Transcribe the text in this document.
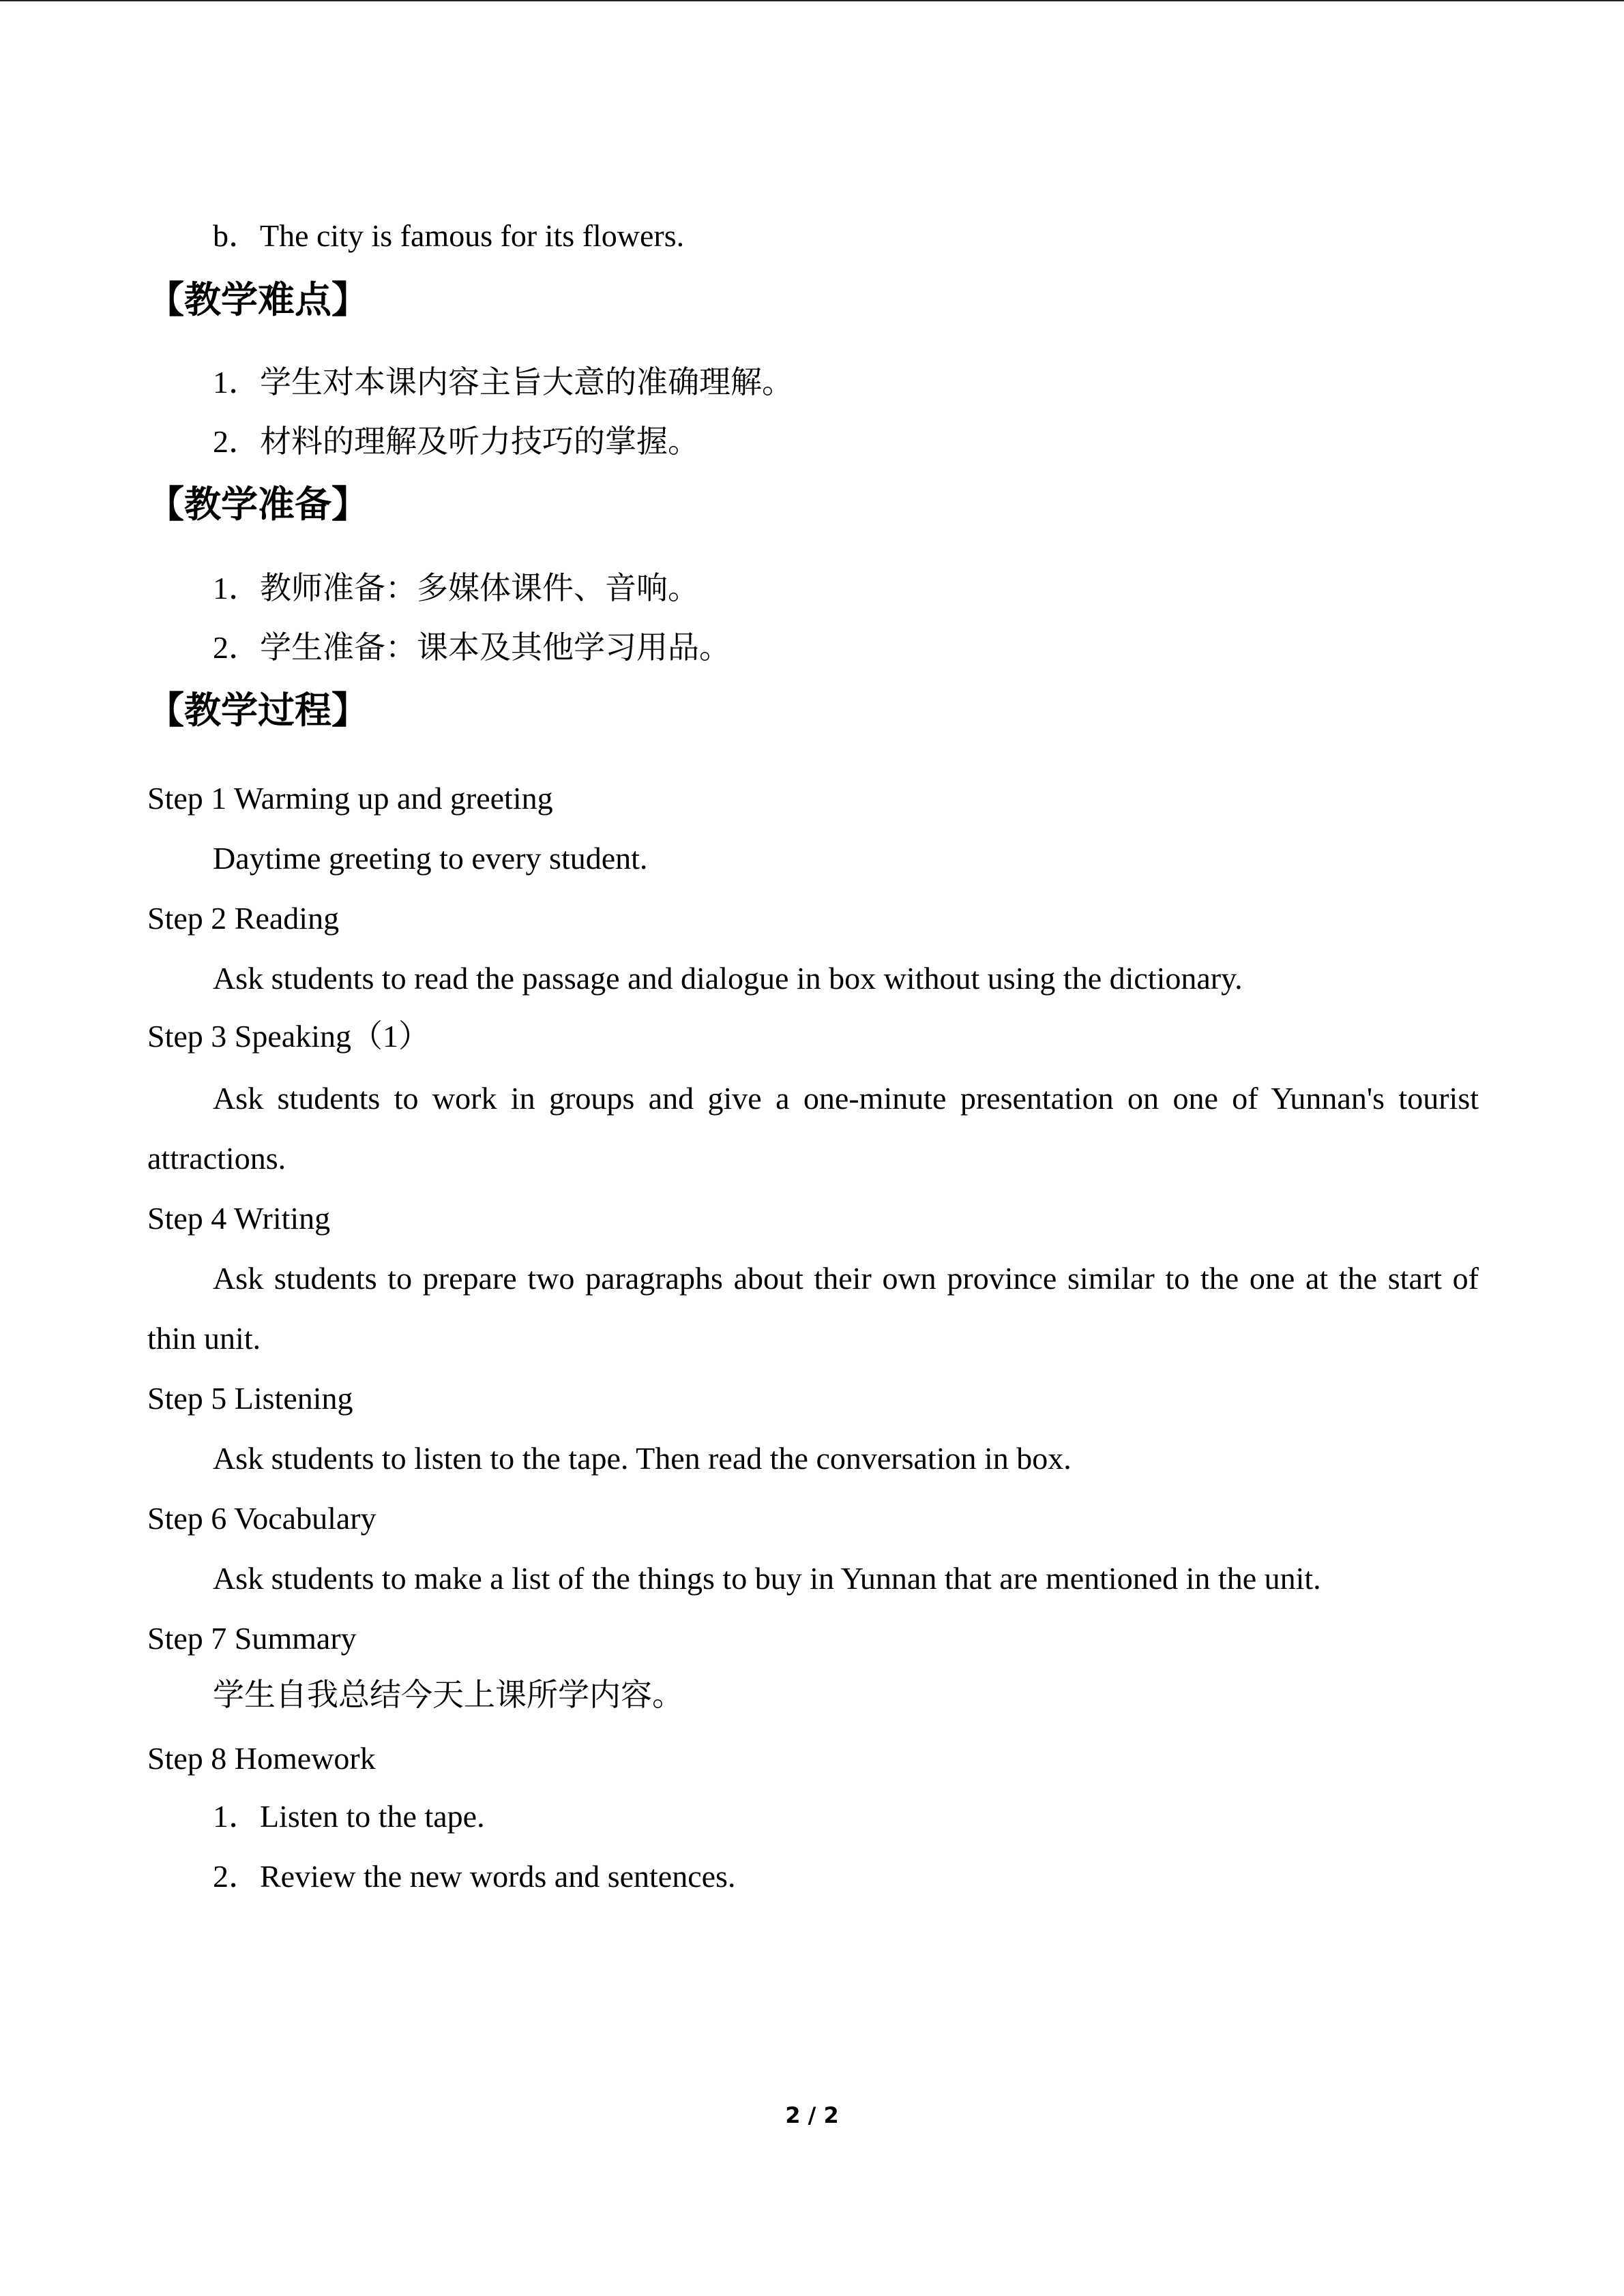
b．The city is famous for its flowers.
【教学难点】
1．学生对本课内容主旨大意的准确理解。
2．材料的理解及听力技巧的掌握。
【教学准备】
1．教师准备：多媒体课件、音响。
2．学生准备：课本及其他学习用品。
【教学过程】
Step 1 Warming up and greeting
Daytime greeting to every student.
Step 2 Reading
Ask students to read the passage and dialogue in box without using the dictionary.
Step 3 Speaking（1）
Ask students to work in groups and give a one-minute presentation on one of Yunnan's tourist
attractions.
Step 4 Writing
Ask students to prepare two paragraphs about their own province similar to the one at the start of
thin unit.
Step 5 Listening
Ask students to listen to the tape. Then read the conversation in box.
Step 6 Vocabulary
Ask students to make a list of the things to buy in Yunnan that are mentioned in the unit.
Step 7 Summary
学生自我总结今天上课所学内容。
Step 8 Homework
1．Listen to the tape.
2．Review the new words and sentences.
2 / 2
